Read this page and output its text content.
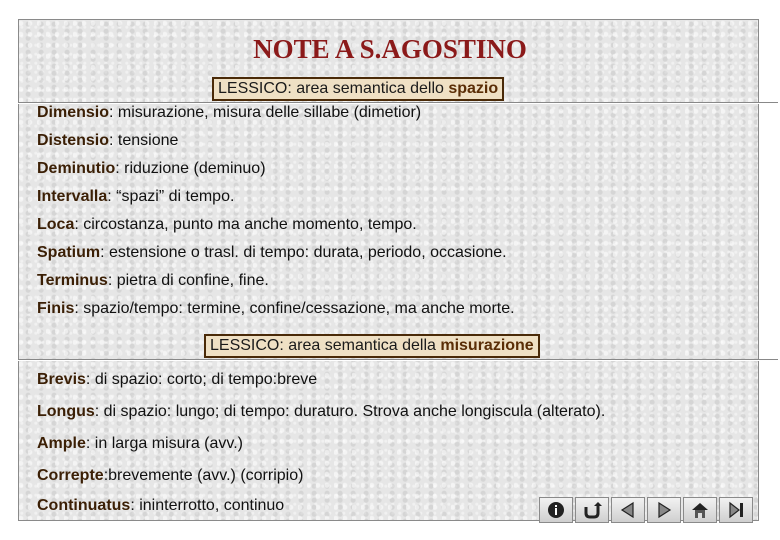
NOTE A S.AGOSTINO
LESSICO: area semantica dello spazio

Dimensio: misurazione, misura delle sillabe (dimetior)

Distensio: tensione

Deminutio: riduzione (deminuo)

Intervalla: “spazi” di tempo.

Loca: circostanza, punto ma anche momento, tempo.

Spatium: estensione o trasl. di tempo: durata, periodo, occasione.

Terminus: pietra di confine, fine.

Finis: spazio/tempo: termine, confine/cessazione, ma anche morte.

LESSICO: area semantica della misurazione

Brevis: di spazio: corto; di tempo:breve

Longus: di spazio: lungo; di tempo: duraturo. Strova anche longiscula (alterato).

Ample: in larga misura (avv.)

Correpte:brevemente (avv.) (corripio)

Continuatus: ininterrotto, continuo
